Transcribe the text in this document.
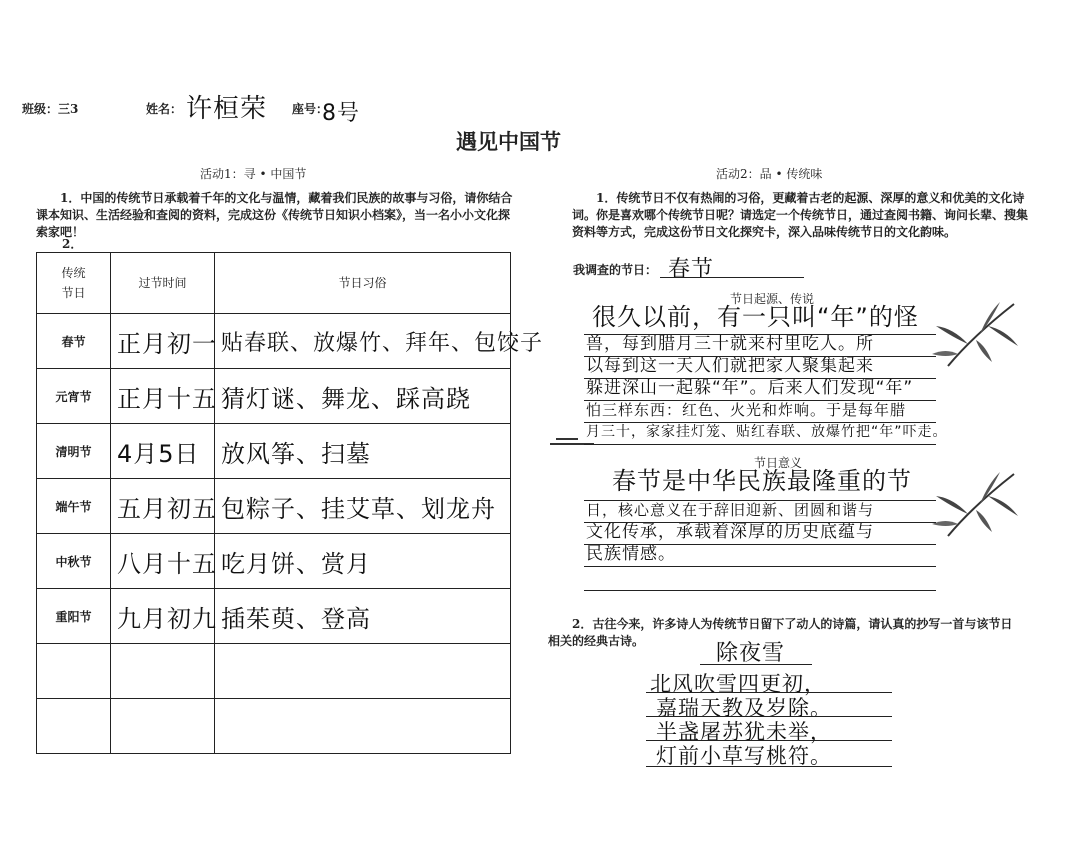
班级：三3	姓名： 许桓荣 座号：
8号
遇见中国节
活动1：寻 • 中国节
1．中国的传统节日承载着千年的文化与温情，藏着我们民族的故事与习俗，请你结合课本知识、生活经验和查阅的资料，完成这份《传统节日知识小档案》，当一名小小文化探索家吧！
2．
传统
节日	过节时间	节日习俗
春节	正月初一	贴春联、放爆竹、拜年、包饺子
元宵节	正月十五	猜灯谜、舞龙、踩高跷
清明节	4月5日	放风筝、扫墓
端午节	五月初五	包粽子、挂艾草、划龙舟
中秋节	八月十五	吃月饼、赏月
重阳节	九月初九	插茱萸、登高

活动2：品 • 传统味
1．传统节日不仅有热闹的习俗，更藏着古老的起源、深厚的意义和优美的文化诗词。你是喜欢哪个传统节日呢？请选定一个传统节日，通过查阅书籍、询问长辈、搜集资料等方式，完成这份节日文化探究卡，深入品味传统节日的文化韵味。
我调查的节日： 春节
节日起源、传说
很久以前，有一只叫“年”的怪
兽，每到腊月三十就来村里吃人。所
以每到这一天人们就把家人聚集起来
躲进深山一起躲“年”。后来人们发现“年”
怕三样东西：红色、火光和炸响。于是每年腊
月三十，家家挂灯笼、贴红春联、放爆竹把“年”吓走。
节日意义
春节是中华民族最隆重的节
日，核心意义在于辞旧迎新、团圆和谐与
文化传承，承载着深厚的历史底蕴与
民族情感。
2．古往今来，许多诗人为传统节日留下了动人的诗篇，请认真的抄写一首与该节日相关的经典古诗。	除夜雪
北风吹雪四更初，
嘉瑞天教及岁除。
半盏屠苏犹未举，
灯前小草写桃符。
